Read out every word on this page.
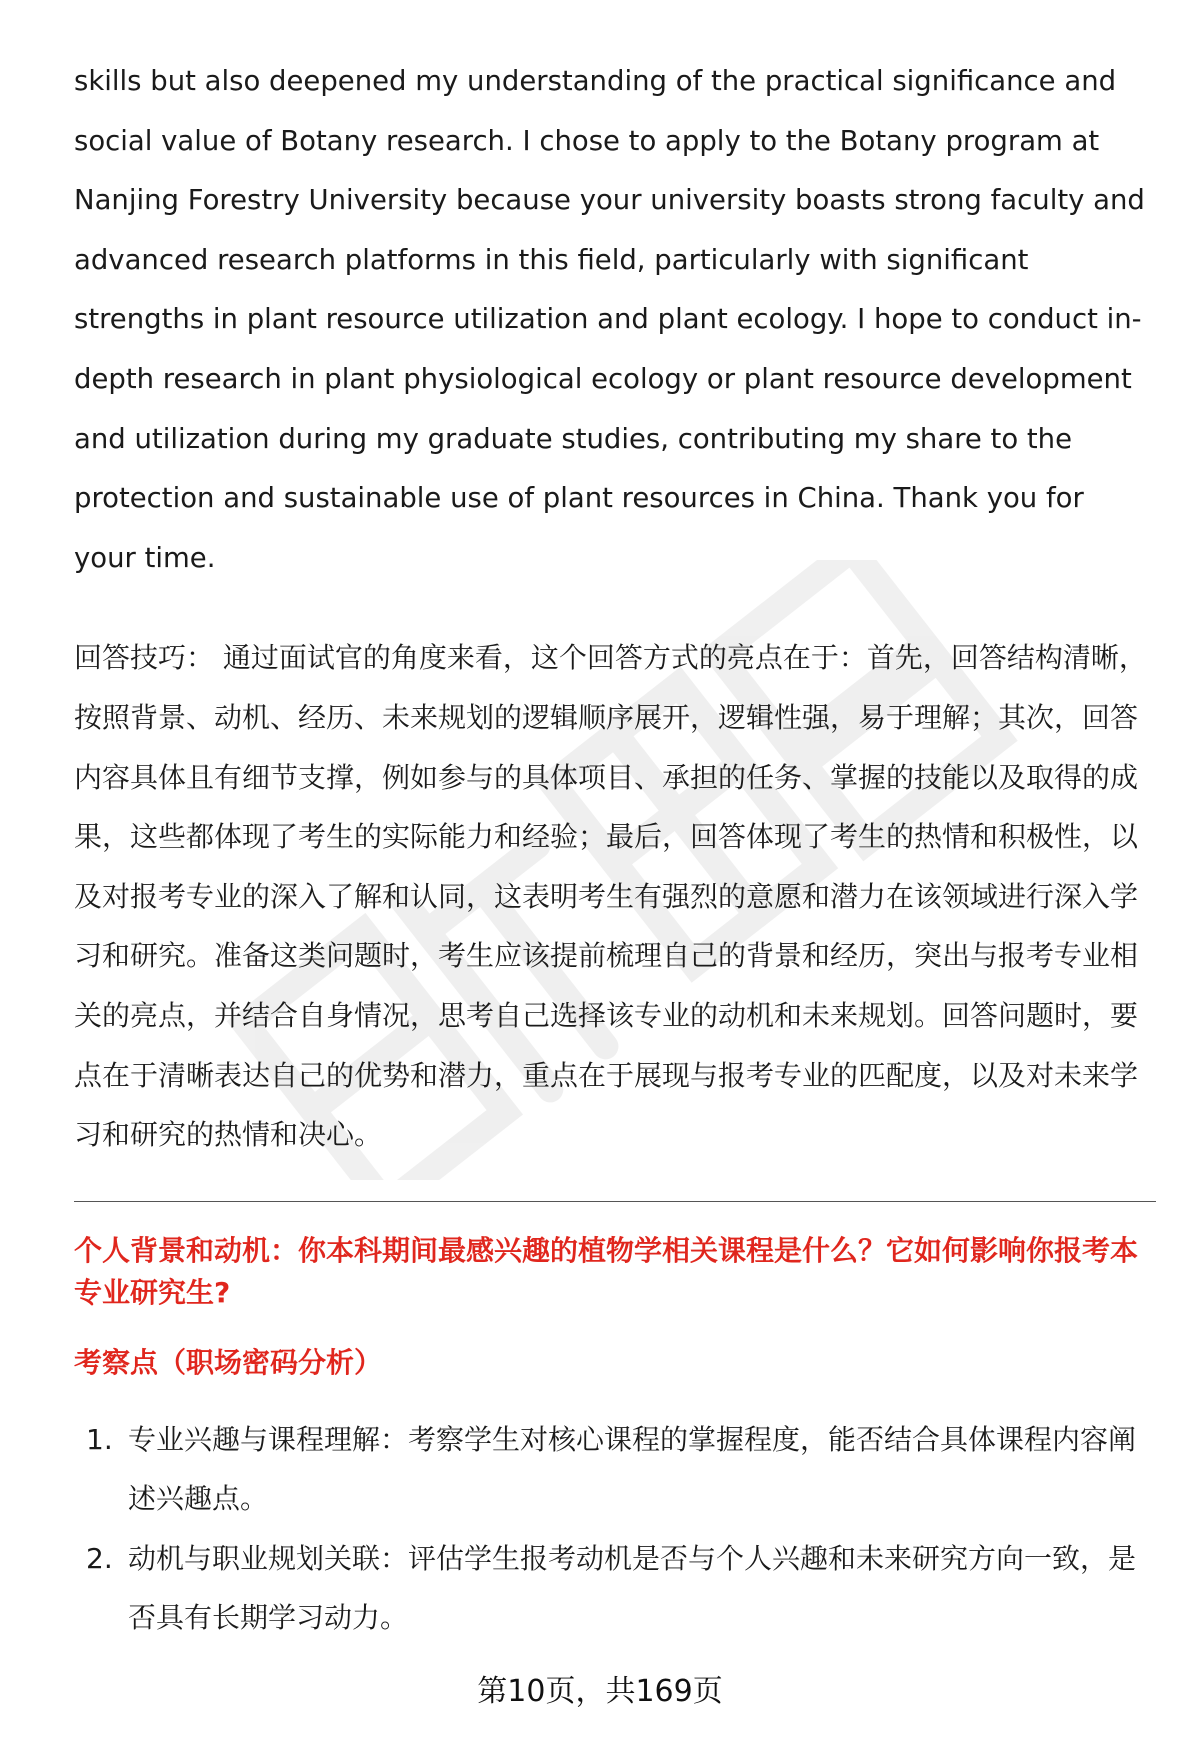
skills but also deepened my understanding of the practical significance and social value of Botany research. I chose to apply to the Botany program at Nanjing Forestry University because your university boasts strong faculty and advanced research platforms in this field, particularly with significant strengths in plant resource utilization and plant ecology. I hope to conduct in-depth research in plant physiological ecology or plant resource development and utilization during my graduate studies, contributing my share to the protection and sustainable use of plant resources in China. Thank you for your time.

回答技巧： 通过面试官的角度来看，这个回答方式的亮点在于：首先，回答结构清晰，按照背景、动机、经历、未来规划的逻辑顺序展开，逻辑性强，易于理解；其次，回答内容具体且有细节支撑，例如参与的具体项目、承担的任务、掌握的技能以及取得的成果，这些都体现了考生的实际能力和经验；最后，回答体现了考生的热情和积极性，以及对报考专业的深入了解和认同，这表明考生有强烈的意愿和潜力在该领域进行深入学习和研究。准备这类问题时，考生应该提前梳理自己的背景和经历，突出与报考专业相关的亮点，并结合自身情况，思考自己选择该专业的动机和未来规划。回答问题时，要点在于清晰表达自己的优势和潜力，重点在于展现与报考专业的匹配度，以及对未来学习和研究的热情和决心。

个人背景和动机：你本科期间最感兴趣的植物学相关课程是什么？它如何影响你报考本专业研究生?

考察点（职场密码分析）

1. 专业兴趣与课程理解：考察学生对核心课程的掌握程度，能否结合具体课程内容阐述兴趣点。
2. 动机与职业规划关联：评估学生报考动机是否与个人兴趣和未来研究方向一致，是否具有长期学习动力。
第10页，共169页
